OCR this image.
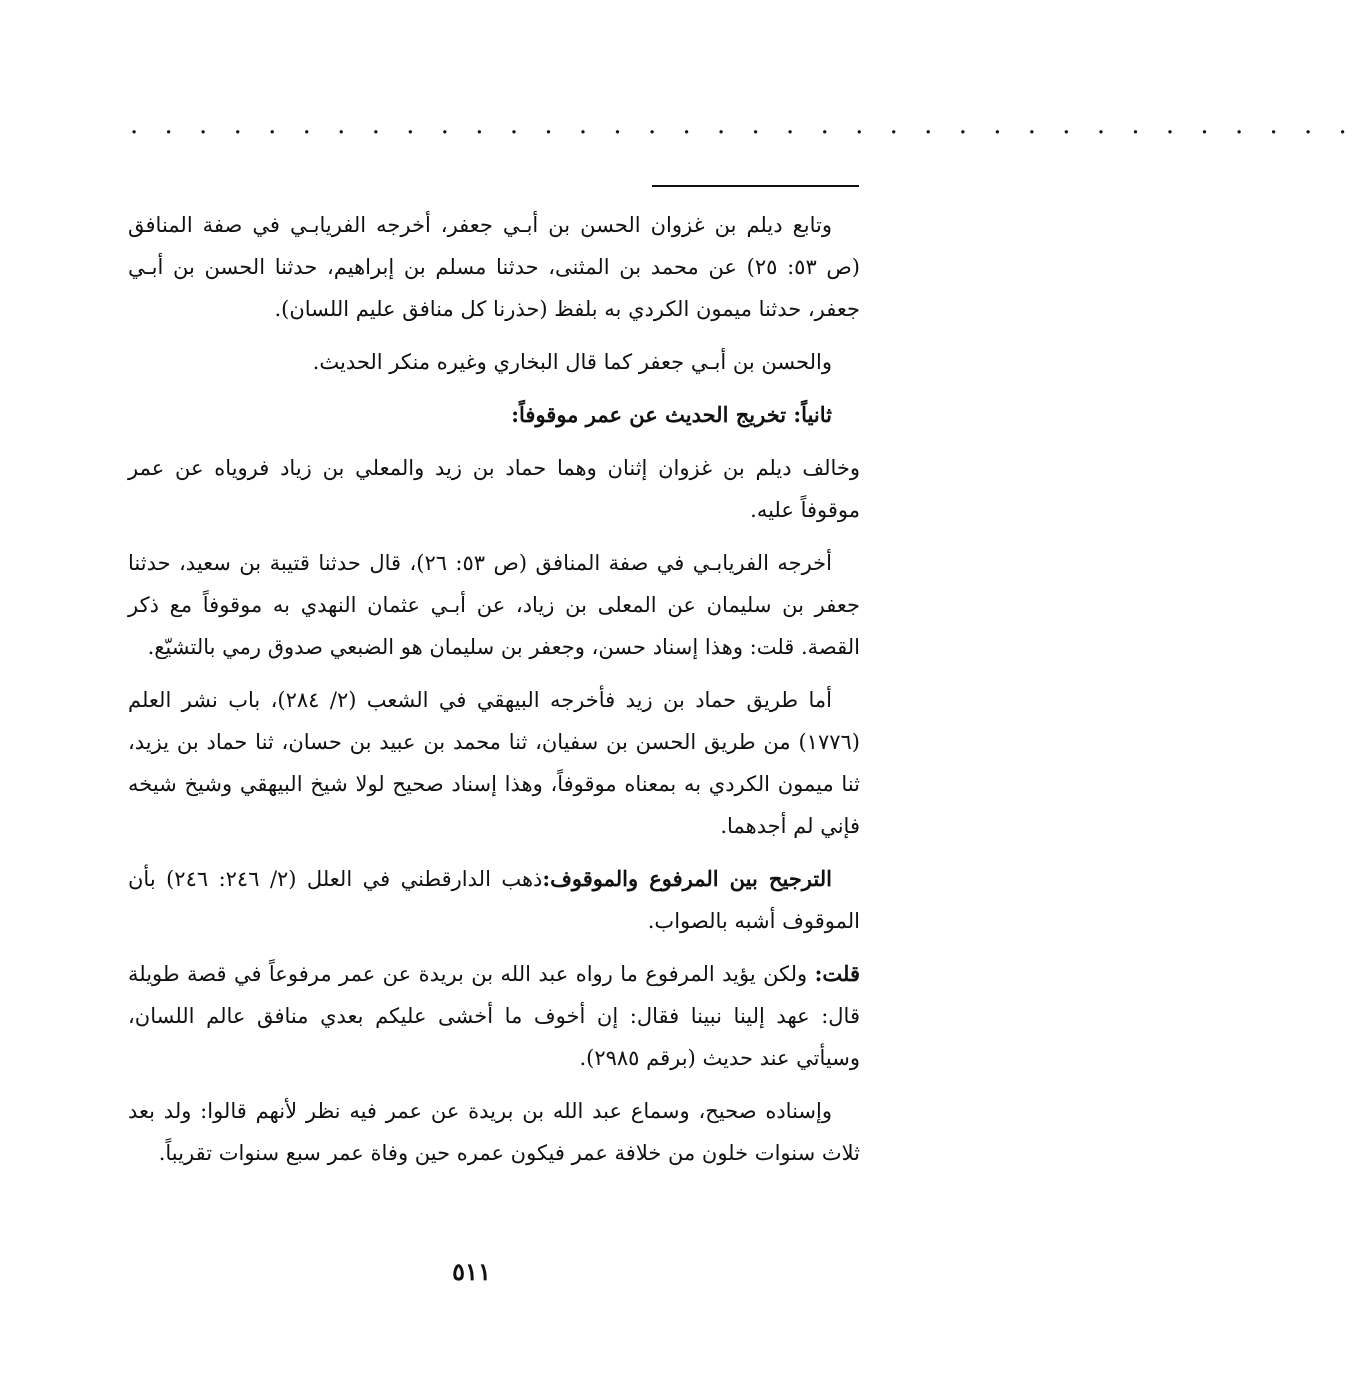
· · · · · · · · · · · · · · · · · · · · · · · · · · · · · · · · · · · ·

وتابع ديلم بن غزوان الحسن بن أبـي جعفر، أخرجه الفريابـي في صفة المنافق (ص ٥٣: ٢٥) عن محمد بن المثنى، حدثنا مسلم بن إبراهيم، حدثنا الحسن بن أبـي جعفر، حدثنا ميمون الكردي به بلفظ (حذرنا كل منافق عليم اللسان).

والحسن بن أبـي جعفر كما قال البخاري وغيره منكر الحديث.

ثانياً: تخريج الحديث عن عمر موقوفاً:

وخالف ديلم بن غزوان إثنان وهما حماد بن زيد والمعلي بن زياد فروياه عن عمر موقوفاً عليه.

أخرجه الفريابـي في صفة المنافق (ص ٥٣: ٢٦)، قال حدثنا قتيبة بن سعيد، حدثنا جعفر بن سليمان عن المعلى بن زياد، عن أبـي عثمان النهدي به موقوفاً مع ذكر القصة. قلت: وهذا إسناد حسن، وجعفر بن سليمان هو الضبعي صدوق رمي بالتشيّع.

أما طريق حماد بن زيد فأخرجه البيهقي في الشعب (٢/ ٢٨٤)، باب نشر العلم (١٧٧٦) من طريق الحسن بن سفيان، ثنا محمد بن عبيد بن حسان، ثنا حماد بن يزيد، ثنا ميمون الكردي به بمعناه موقوفاً، وهذا إسناد صحيح لولا شيخ البيهقي وشيخ شيخه فإني لم أجدهما.

الترجيح بين المرفوع والموقوف:ذهب الدارقطني في العلل (٢/ ٢٤٦: ٢٤٦) بأن الموقوف أشبه بالصواب.

قلت: ولكن يؤيد المرفوع ما رواه عبد الله بن بريدة عن عمر مرفوعاً في قصة طويلة قال: عهد إلينا نبينا فقال: إن أخوف ما أخشى عليكم بعدي منافق عالم اللسان، وسيأتي عند حديث (برقم ٢٩٨٥).

وإسناده صحيح، وسماع عبد الله بن بريدة عن عمر فيه نظر لأنهم قالوا: ولد بعد ثلاث سنوات خلون من خلافة عمر فيكون عمره حين وفاة عمر سبع سنوات تقريباً.

٥١١
